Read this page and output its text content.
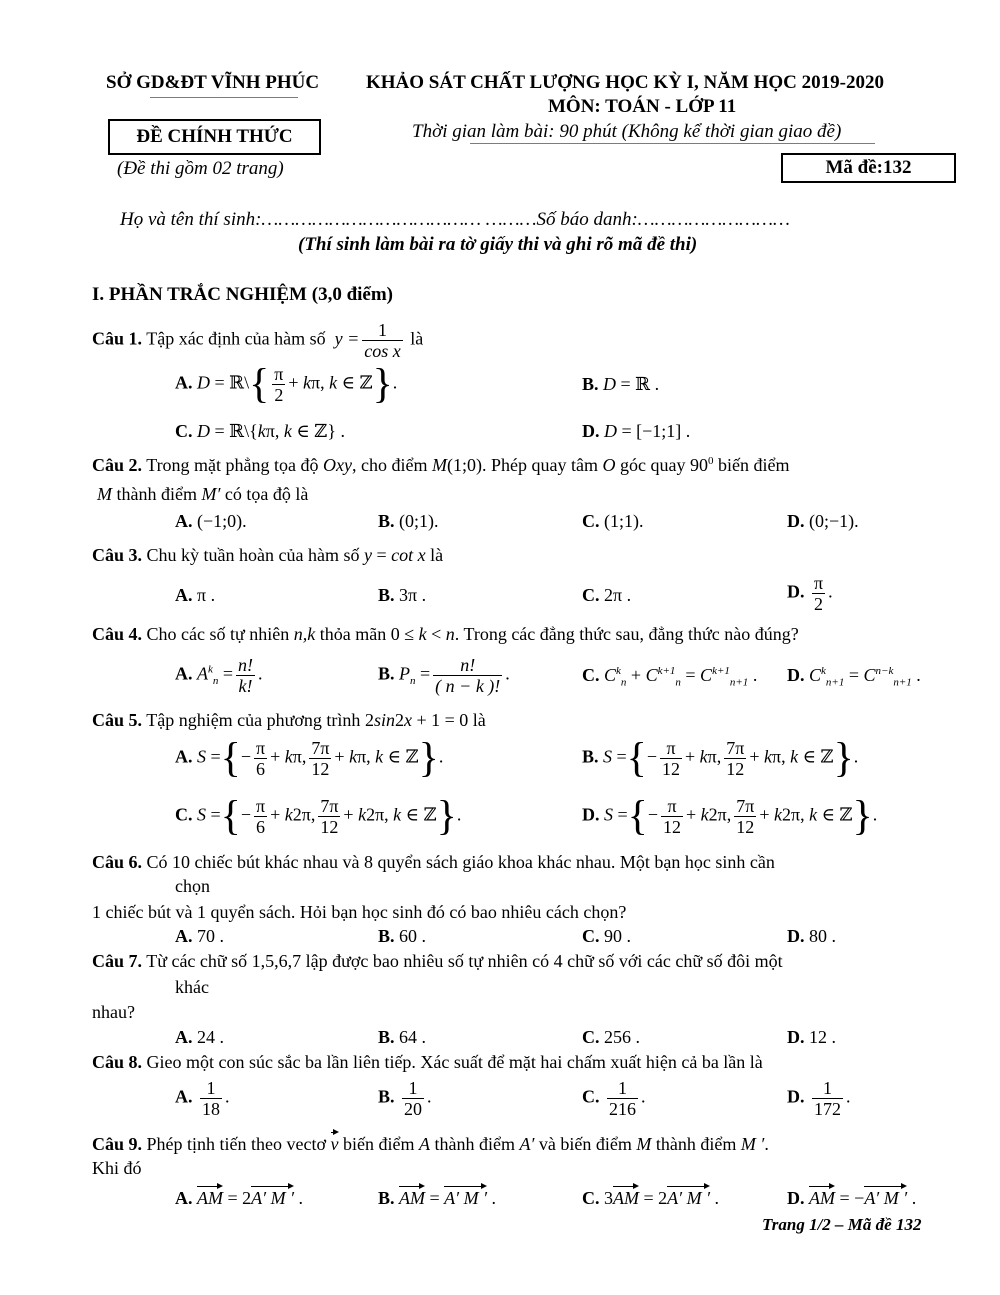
SỞ GD&ĐT VĨNH PHÚC KHẢO SÁT CHẤT LƯỢNG HỌC KỲ I, NĂM HỌC 2019-2020
MÔN: TOÁN - LỚP 11
ĐỀ CHÍNH THỨC	Thời gian làm bài: 90 phút (Không kể thời gian giao đề)
(Đề thi gồm 02 trang)	Mã đề:132
Họ và tên thí sinh:………………………………… ………Số báo danh:………………………
(Thí sinh làm bài ra tờ giấy thi và ghi rõ mã đề thi)
I. PHẦN TRẮC NGHIỆM (3,0 điểm)
Câu 1. Tập xác định của hàm số  $y = \frac{1}{\text{cos x}}$ là
A. D = ℝ\{ $\frac{\pi}{2} + k\pi$, k ∈ ℤ}.	B. D = ℝ .
C. D = ℝ\{kπ, k ∈ ℤ} .	D. D = [−1;1] .
Câu 2. Trong mặt phẳng tọa độ Oxy, cho điểm M(1;0). Phép quay tâm O góc quay $90^0$ biến điểm
M thành điểm M′ có tọa độ là
A. (−1;0).	B. (0;1).	C. (1;1).	D. (0;−1).
Câu 3. Chu kỳ tuần hoàn của hàm số y = cot x là
A. π .	B. 3π .	C. 2π .	D. $\frac{\pi}{2}$ .
Câu 4. Cho các số tự nhiên n,k thỏa mãn 0 ≤ k < n. Trong các đẳng thức sau, đẳng thức nào đúng?
A. $A^k_n = \frac{n!}{k!}$ .	B. $P_n = \frac{n!}{( n - k )!}$ .	C. $C^k_n + C^{k+1}_n = C^{k+1}_{n+1}$ . D. $C^k_{n+1} = C^{n-k}_{n+1}$ .
Câu 5. Tập nghiệm của phương trình 2sin2x + 1 = 0 là
A. S ={− $\frac{\pi}{6} + k\pi$, $\frac{7\pi}{12} + k\pi$, k ∈ ℤ}.	B. S ={− $\frac{\pi}{12} + k\pi$, $\frac{7\pi}{12} + k\pi$, k ∈ ℤ}.
C. S ={− $\frac{\pi}{6} + k2\pi$, $\frac{7\pi}{12} + k2\pi$, k ∈ ℤ}.	D. S ={− $\frac{\pi}{12} + k2\pi$, $\frac{7\pi}{12} + k2\pi$, k ∈ ℤ}.
Câu 6. Có 10 chiếc bút khác nhau và 8 quyển sách giáo khoa khác nhau. Một bạn học sinh cần
chọn
1 chiếc bút và 1 quyển sách. Hỏi bạn học sinh đó có bao nhiêu cách chọn?
A. 70 .	B. 60 .	C. 90 .	D. 80 .
Câu 7. Từ các chữ số 1,5,6,7 lập được bao nhiêu số tự nhiên có 4 chữ số với các chữ số đôi một
khác
nhau?
A. 24 .	B. 64 .	C. 256 .	D. 12 .
Câu 8. Gieo một con súc sắc ba lần liên tiếp. Xác suất để mặt hai chấm xuất hiện cả ba lần là
A. $\frac{1}{18}$ .	B. $\frac{1}{20}$ .	C. $\frac{1}{216}$ .	D. $\frac{1}{172}$ .
Câu 9. Phép tịnh tiến theo vectơ v biến điểm A thành điểm A′ và biến điểm M thành điểm M ′.
Khi đó
A. AM = 2A′ M ′ .	B. AM = A′ M ′ .	C. 3AM = 2A′ M ′ .	D. AM = −A′ M ′ .
Trang 1/2 – Mã đề 132
